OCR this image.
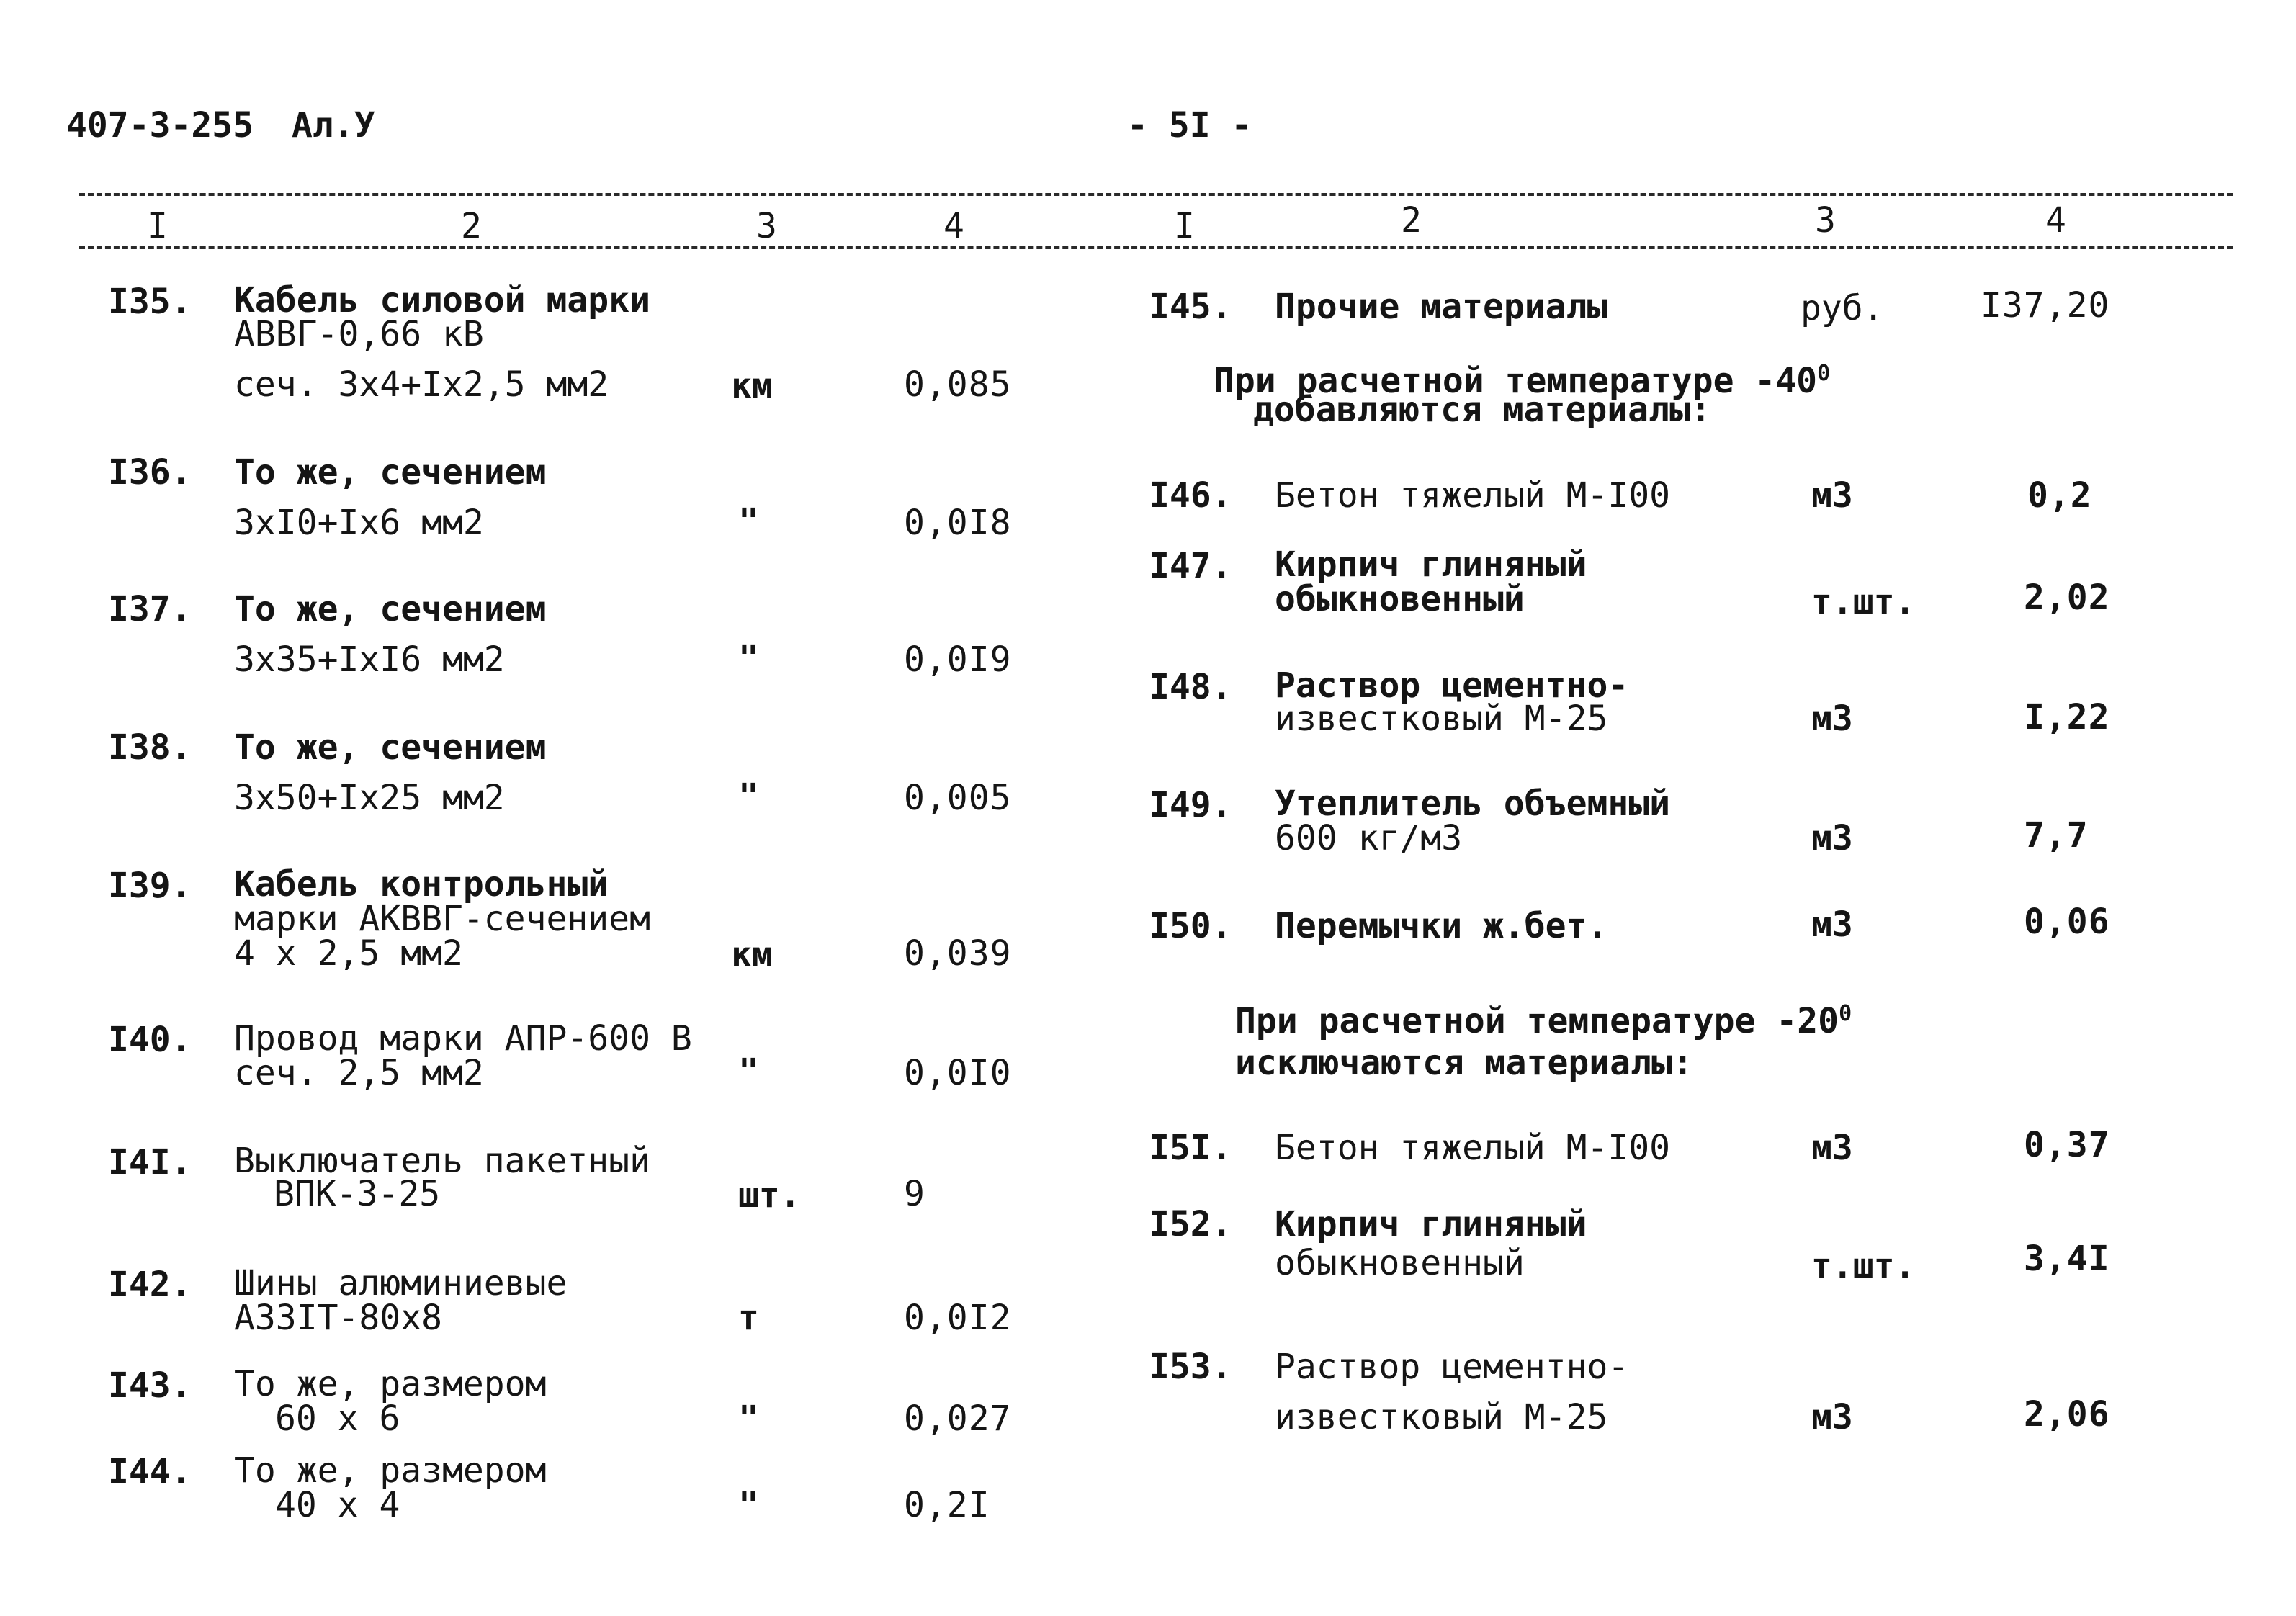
407-3-255 Ал.У	- 5I -
I	2	3	4	I	2	3	4
I35. Кабель силовой марки
АВВГ-0,66 кВ
сеч. 3х4+Iх2,5 мм2	км	0,085
I36. То же, сечением
3хI0+Iх6 мм2	"	0,0I8
I37. То же, сечением
3х35+IхI6 мм2	"	0,0I9
I38. То же, сечением
3х50+Iх25 мм2	"	0,005
I39. Кабель контрольный
марки АКВВГ-сечением
4 х 2,5 мм2	км	0,039
I40. Провод марки АПР-600 В
сеч. 2,5 мм2	"	0,0I0
I4I. Выключатель пакетный
ВПК-3-25	шт.	9
I42. Шины алюминиевые
А33IТ-80х8	т	0,0I2
I43. То же, размером
60 х 6	"	0,027
I44. То же, размером
40 х 4	"	0,2I
I45. Прочие материалы	руб.	I37,20
При расчетной температуре $-40^0$
добавляются материалы:
I46. Бетон тяжелый М-I00	м3	0,2
I47. Кирпич глиняный
обыкновенный	т.шт.	2,02
I48. Раствор цементно-
известковый М-25	м3	I,22
I49. Утеплитель объемный
600 кг/м3	м3	7,7
I50. Перемычки ж.бет.	м3	0,06
При расчетной температуре $-20^0$
исключаются материалы:
I5I. Бетон тяжелый М-I00	м3	0,37
I52. Кирпич глиняный
обыкновенный	т.шт.	3,4I
I53. Раствор цементно-
известковый М-25	м3	2,06
